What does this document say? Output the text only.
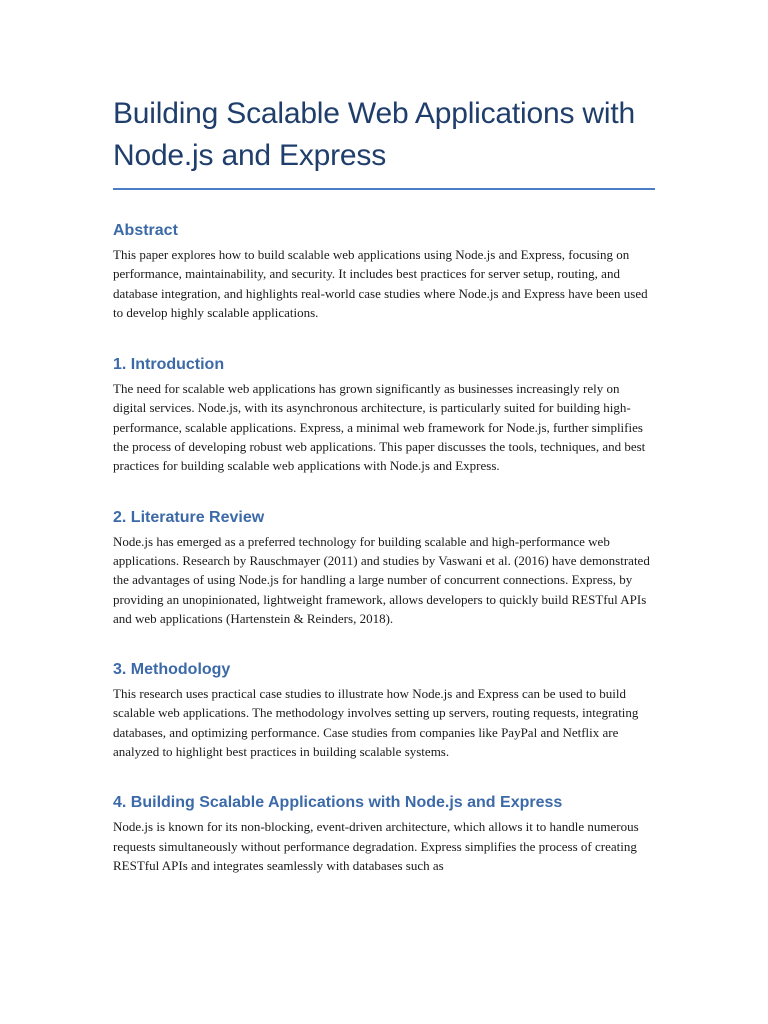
Building Scalable Web Applications with Node.js and Express
Abstract

This paper explores how to build scalable web applications using Node.js and Express, focusing on performance, maintainability, and security. It includes best practices for server setup, routing, and database integration, and highlights real-world case studies where Node.js and Express have been used to develop highly scalable applications.

1. Introduction

The need for scalable web applications has grown significantly as businesses increasingly rely on digital services. Node.js, with its asynchronous architecture, is particularly suited for building high-performance, scalable applications. Express, a minimal web framework for Node.js, further simplifies the process of developing robust web applications. This paper discusses the tools, techniques, and best practices for building scalable web applications with Node.js and Express.

2. Literature Review

Node.js has emerged as a preferred technology for building scalable and high-performance web applications. Research by Rauschmayer (2011) and studies by Vaswani et al. (2016) have demonstrated the advantages of using Node.js for handling a large number of concurrent connections. Express, by providing an unopinionated, lightweight framework, allows developers to quickly build RESTful APIs and web applications (Hartenstein & Reinders, 2018).

3. Methodology

This research uses practical case studies to illustrate how Node.js and Express can be used to build scalable web applications. The methodology involves setting up servers, routing requests, integrating databases, and optimizing performance. Case studies from companies like PayPal and Netflix are analyzed to highlight best practices in building scalable systems.

4. Building Scalable Applications with Node.js and Express

Node.js is known for its non-blocking, event-driven architecture, which allows it to handle numerous requests simultaneously without performance degradation. Express simplifies the process of creating RESTful APIs and integrates seamlessly with databases such as
